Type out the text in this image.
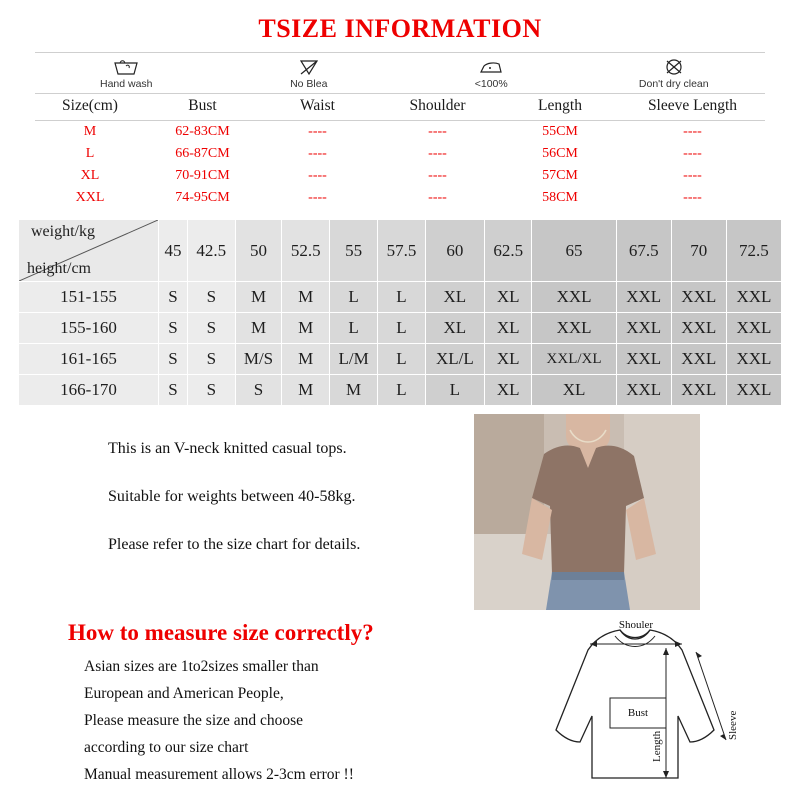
TSIZE INFORMATION
Hand wash	No Blea	<100%	Don't dry clean
Size(cm)	Bust	Waist	Shoulder	Length	Sleeve Length
M	62-83CM	----	----	55CM	----
L	66-87CM	----	----	56CM	----
XL	70-91CM	----	----	57CM	----
XXL	74-95CM	----	----	58CM	----
weight/kg
height/cm	45	42.5	50	52.5	55	57.5	60	62.5	65	67.5	70	72.5
151-155	S	S	M	M	L	L	XL	XL	XXL	XXL	XXL	XXL
155-160	S	S	M	M	L	L	XL	XL	XXL	XXL	XXL	XXL
161-165	S	S	M/S	M	L/M	L	XL/L	XL	XXL/XL	XXL	XXL	XXL
166-170	S	S	S	M	M	L	L	XL	XL	XXL	XXL	XXL

This is an V-neck knitted casual tops.

Suitable for weights between 40-58kg.

Please refer to the size chart for details.

How to measure size correctly?

Asian sizes are 1to2sizes smaller than

European and American People,

Please measure the size and choose

according to our size chart

Manual measurement allows 2-3cm error !!

Shouler
Bust
Length
Sleeve
